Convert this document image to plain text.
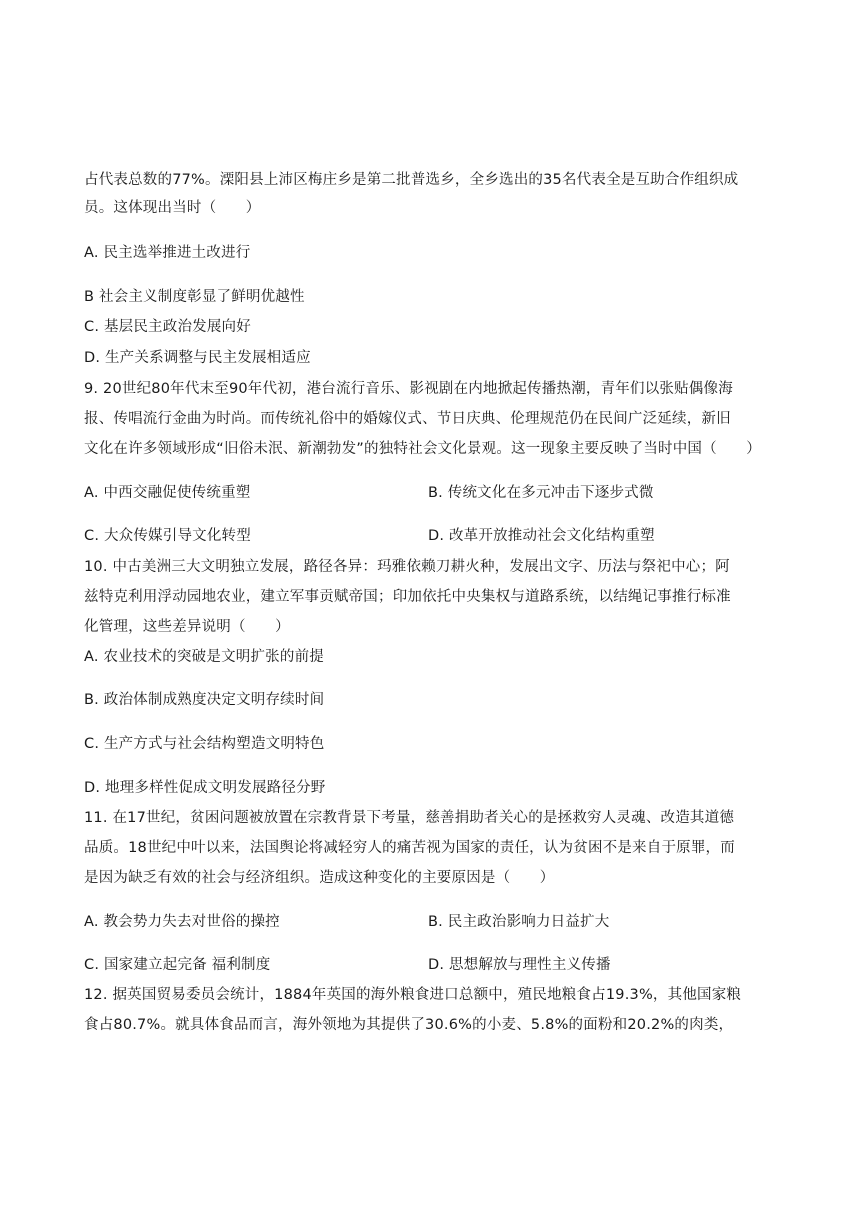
占代表总数的77%。溧阳县上沛区梅庄乡是第二批普选乡，全乡选出的35名代表全是互助合作组织成
员。这体现出当时（　　）
A. 民主选举推进土改进行
B 社会主义制度彰显了鲜明优越性
C. 基层民主政治发展向好
D. 生产关系调整与民主发展相适应
9. 20世纪80年代末至90年代初，港台流行音乐、影视剧在内地掀起传播热潮，青年们以张贴偶像海
报、传唱流行金曲为时尚。而传统礼俗中的婚嫁仪式、节日庆典、伦理规范仍在民间广泛延续，新旧
文化在许多领域形成“旧俗未泯、新潮勃发”的独特社会文化景观。这一现象主要反映了当时中国（　　）
A. 中西交融促使传统重塑	B. 传统文化在多元冲击下逐步式微
C. 大众传媒引导文化转型	D. 改革开放推动社会文化结构重塑
10. 中古美洲三大文明独立发展，路径各异：玛雅依赖刀耕火种，发展出文字、历法与祭祀中心；阿
兹特克利用浮动园地农业，建立军事贡赋帝国；印加依托中央集权与道路系统，以结绳记事推行标准
化管理，这些差异说明（　　）
A. 农业技术的突破是文明扩张的前提
B. 政治体制成熟度决定文明存续时间
C. 生产方式与社会结构塑造文明特色
D. 地理多样性促成文明发展路径分野
11. 在17世纪，贫困问题被放置在宗教背景下考量，慈善捐助者关心的是拯救穷人灵魂、改造其道德
品质。18世纪中叶以来，法国舆论将减轻穷人的痛苦视为国家的责任，认为贫困不是来自于原罪，而
是因为缺乏有效的社会与经济组织。造成这种变化的主要原因是（　　）
A. 教会势力失去对世俗的操控	B. 民主政治影响力日益扩大
C. 国家建立起完备 福利制度	D. 思想解放与理性主义传播
12. 据英国贸易委员会统计，1884年英国的海外粮食进口总额中，殖民地粮食占19.3%，其他国家粮
食占80.7%。就具体食品而言，海外领地为其提供了30.6%的小麦、5.8%的面粉和20.2%的肉类，
